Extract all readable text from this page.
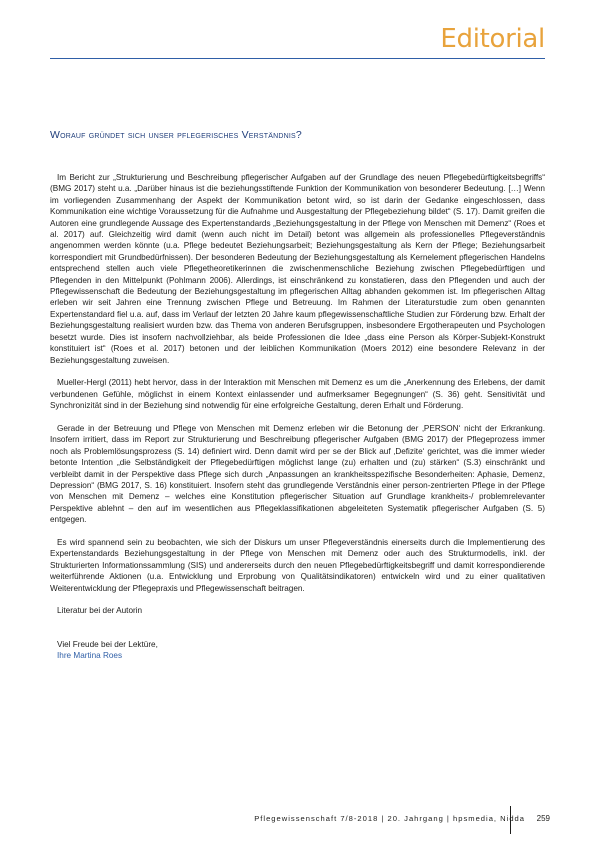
Editorial
Worauf gründet sich unser pflegerisches Verständnis?

Im Bericht zur „Strukturierung und Beschreibung pflegerischer Aufgaben auf der Grundlage des neuen Pflegebedürftigkeitsbegriffs“ (BMG 2017) steht u.a. „Darüber hinaus ist die beziehungsstiftende Funktion der Kommunikation von besonderer Bedeutung. […] Wenn im vorliegenden Zusammenhang der Aspekt der Kommunikation betont wird, so ist darin der Gedanke eingeschlossen, dass Kommunikation eine wichtige Voraussetzung für die Aufnahme und Ausgestaltung der Pflegebeziehung bildet“ (S. 17). Damit greifen die Autoren eine grundlegende Aussage des Expertenstandards „Beziehungsgestaltung in der Pflege von Menschen mit Demenz“ (Roes et al. 2017) auf. Gleichzeitig wird damit (wenn auch nicht im Detail) betont was allgemein als professionelles Pflegeverständnis angenommen werden könnte (u.a. Pflege bedeutet Beziehungsarbeit; Beziehungsgestaltung als Kern der Pflege; Beziehungsarbeit korrespondiert mit Grundbedürfnissen). Der besonderen Bedeutung der Beziehungsgestaltung als Kernelement pflegerischen Handelns entsprechend stellen auch viele Pflegetheoretikerinnen die zwischenmenschliche Beziehung zwischen Pflegebedürftigen und Pflegenden in den Mittelpunkt (Pohlmann 2006). Allerdings, ist einschränkend zu konstatieren, dass den Pflegenden und auch der Pflegewissenschaft die Bedeutung der Beziehungsgestaltung im pflegerischen Alltag abhanden gekommen ist. Im pflegerischen Alltag erleben wir seit Jahren eine Trennung zwischen Pflege und Betreuung. Im Rahmen der Literaturstudie zum oben genannten Expertenstandard fiel u.a. auf, dass im Verlauf der letzten 20 Jahre kaum pflegewissenschaftliche Studien zur Förderung bzw. Erhalt der Beziehungsgestaltung realisiert wurden bzw. das Thema von anderen Berufsgruppen, insbesondere Ergotherapeuten und Psychologen besetzt wurde. Dies ist insofern nachvollziehbar, als beide Professionen die Idee „dass eine Person als Körper-Subjekt-Konstrukt konstituiert ist“ (Roes et al. 2017) betonen und der leiblichen Kommunikation (Moers 2012) eine besondere Relevanz in der Beziehungsgestaltung zuweisen.

Mueller-Hergl (2011) hebt hervor, dass in der Interaktion mit Menschen mit Demenz es um die „Anerkennung des Erlebens, der damit verbundenen Gefühle, möglichst in einem Kontext einlassender und aufmerksamer Begegnungen“ (S. 36) geht. Sensitivität und Synchronizität sind in der Beziehung sind notwendig für eine erfolgreiche Gestaltung, deren Erhalt und Förderung.

Gerade in der Betreuung und Pflege von Menschen mit Demenz erleben wir die Betonung der ‚PERSON‘ nicht der Erkrankung. Insofern irritiert, dass im Report zur Strukturierung und Beschreibung pflegerischer Aufgaben (BMG 2017) der Pflegeprozess immer noch als Problemlösungsprozess (S. 14) definiert wird. Denn damit wird per se der Blick auf ‚Defizite‘ gerichtet, was die immer wieder betonte Intention „die Selbständigkeit der Pflegebedürftigen möglichst lange (zu) erhalten und (zu) stärken“ (S.3) einschränkt und verbleibt damit in der Perspektive dass Pflege sich durch „Anpassungen an krankheitsspezifische Besonderheiten: Aphasie, Demenz, Depression“ (BMG 2017, S. 16) konstituiert. Insofern steht das grundlegende Verständnis einer person-zentrierten Pflege in der Pflege von Menschen mit Demenz – welches eine Konstitution pflegerischer Situation auf Grundlage krankheits-/ problemrelevanter Perspektive ablehnt – den auf im wesentlichen aus Pflegeklassifikationen abgeleiteten Systematik pflegerischer Aufgaben (S. 5) entgegen.

Es wird spannend sein zu beobachten, wie sich der Diskurs um unser Pflegeverständnis einerseits durch die Implementierung des Expertenstandards Beziehungsgestaltung in der Pflege von Menschen mit Demenz oder auch des Strukturmodells, inkl. der Strukturierten Informationssammlung (SIS) und andererseits durch den neuen Pflegebedürftigkeitsbegriff und damit korrespondierende weiterführende Aktionen (u.a. Entwicklung und Erprobung von Qualitätsindikatoren) entwickeln wird und zu einer qualitativen Weiterentwicklung der Pflegepraxis und Pflegewissenschaft beitragen.

Literatur bei der Autorin

Viel Freude bei der Lektüre,
Ihre Martina Roes

Pflegewissenschaft 7/8-2018 | 20. Jahrgang | hpsmedia, Nidda	259
